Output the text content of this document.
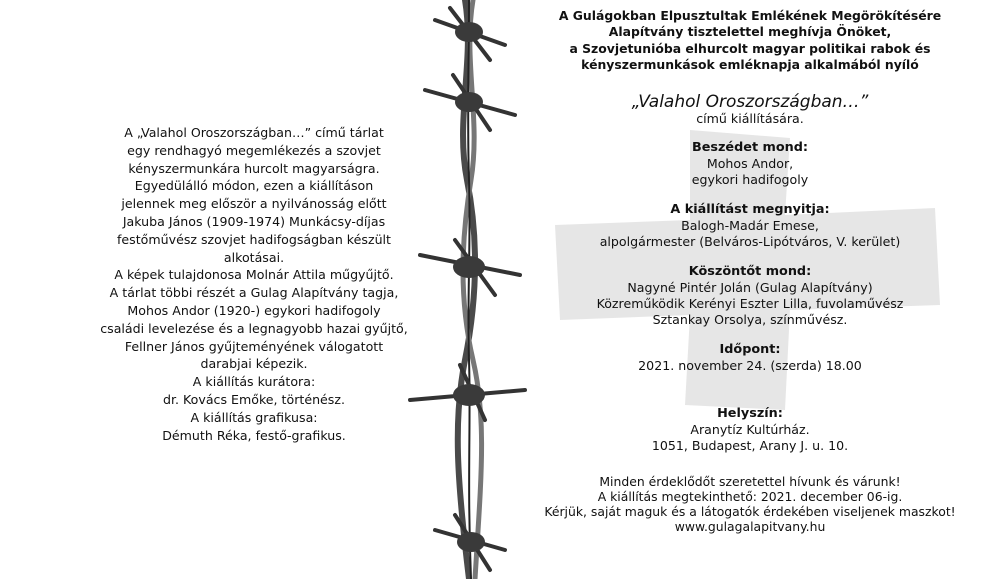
A „Valahol Oroszországban…” című tárlat
egy rendhagyó megemlékezés a szovjet
kényszermunkára hurcolt magyarságra.
Egyedülálló módon, ezen a kiállításon
jelennek meg először a nyilvánosság előtt
Jakuba János (1909-1974) Munkácsy-díjas
festőművész szovjet hadifogságban készült
alkotásai.
A képek tulajdonosa Molnár Attila műgyűjtő.
A tárlat többi részét a Gulag Alapítvány tagja,
Mohos Andor (1920-) egykori hadifogoly
családi levelezése és a legnagyobb hazai gyűjtő,
Fellner János gyűjteményének válogatott
darabjai képezik.
A kiállítás kurátora:
dr. Kovács Emőke, történész.
A kiállítás grafikusa:
Démuth Réka, festő-grafikus.
A Gulágokban Elpusztultak Emlékének Megörökítésére
Alapítvány tisztelettel meghívja Önöket,
a Szovjetunióba elhurcolt magyar politikai rabok és
kényszermunkások emléknapja alkalmából nyíló
„Valahol Oroszországban…”
című kiállítására.
Beszédet mond:
Mohos Andor,
egykori hadifogoly
A kiállítást megnyitja:
Balogh-Madár Emese,
alpolgármester (Belváros-Lipótváros, V. kerület)
Köszöntőt mond:
Nagyné Pintér Jolán (Gulag Alapítvány)
Közreműködik Kerényi Eszter Lilla, fuvolaművész
Sztankay Orsolya, színművész.
Időpont:
2021. november 24. (szerda) 18.00
Helyszín:
Aranytíz Kultúrház.
1051, Budapest, Arany J. u. 10.
Minden érdeklődőt szeretettel hívunk és várunk!
A kiállítás megtekinthető: 2021. december 06-ig.
Kérjük, saját maguk és a látogatók érdekében viseljenek maszkot!
www.gulagalapitvany.hu
